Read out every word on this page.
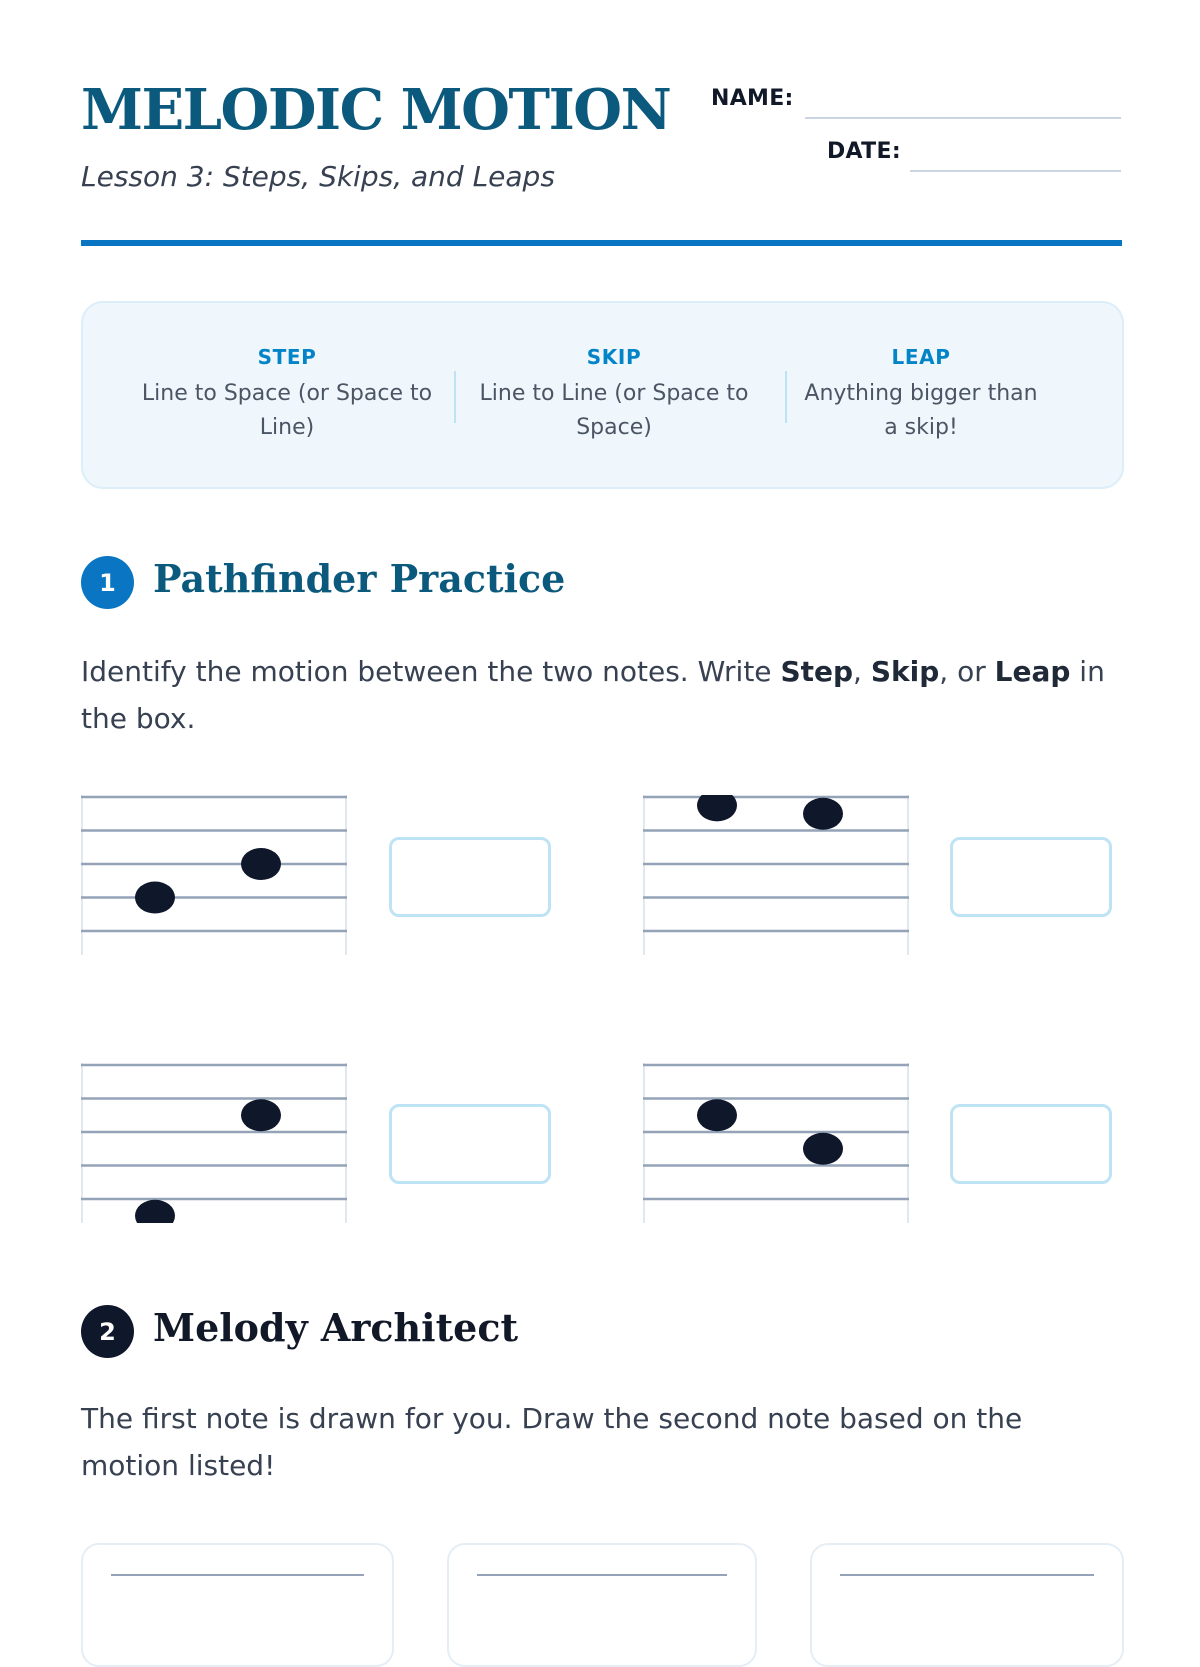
MELODIC MOTION
Lesson 3: Steps, Skips, and Leaps
NAME:
DATE:
STEP
Line to Space (or Space to Line)
SKIP
Line to Line (or Space to Space)
LEAP
Anything bigger than a skip!
1 Pathfinder Practice
Identify the motion between the two notes. Write Step, Skip, or Leap in the box.
2 Melody Architect
The first note is drawn for you. Draw the second note based on the motion listed!
